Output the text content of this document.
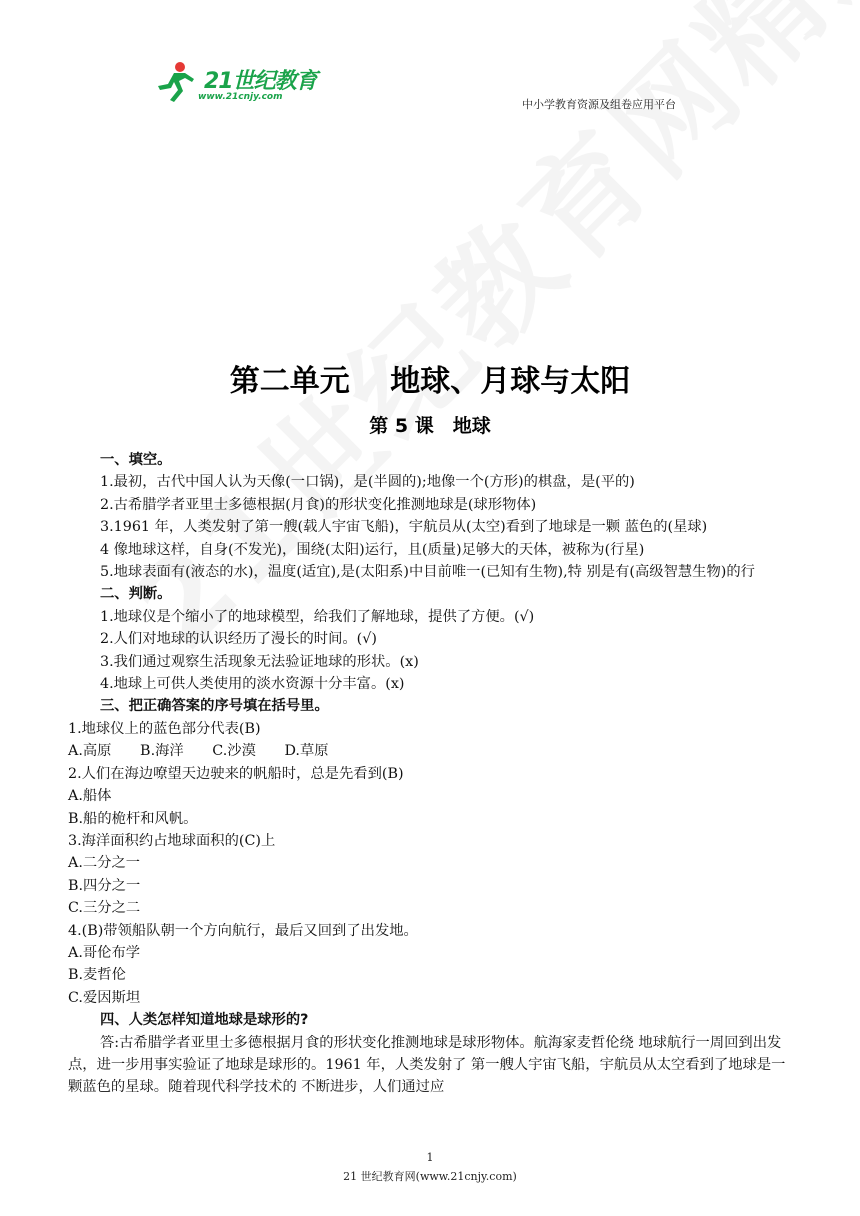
21世纪教育
www.21cnjy.com
中小学教育资源及组卷应用平台
第二单元　 地球、月球与太阳
第 5 课　地球

一、填空。

1.最初，古代中国人认为天像(一口锅)，是(半圆的);地像一个(方形)的棋盘，是(平的)

2.古希腊学者亚里士多德根据(月食)的形状变化推测地球是(球形物体)

3.1961 年，人类发射了第一艘(载人宇宙飞船)，宇航员从(太空)看到了地球是一颗 蓝色的(星球)

4 像地球这样，自身(不发光)，围绕(太阳)运行，且(质量)足够大的天体，被称为(行星)

5.地球表面有(液态的水)，温度(适宜),是(太阳系)中目前唯一(已知有生物),特 别是有(高级智慧生物)的行

二、判断。

1.地球仪是个缩小了的地球模型，给我们了解地球，提供了方便。(√)

2.人们对地球的认识经历了漫长的时间。(√)

3.我们通过观察生活现象无法验证地球的形状。(x)

4.地球上可供人类使用的淡水资源十分丰富。(x)

三、把正确答案的序号填在括号里。

1.地球仪上的蓝色部分代表(B)

A.高原　　B.海洋　　C.沙漠　　D.草原

2.人们在海边嘹望天边驶来的帆船时，总是先看到(B)

A.船体

B.船的桅杆和风帆。

3.海洋面积约占地球面积的(C)上

A.二分之一

B.四分之一

C.三分之二

4.(B)带领船队朝一个方向航行，最后又回到了出发地。

A.哥伦布学

B.麦哲伦

C.爱因斯坦

四、人类怎样知道地球是球形的?

答:古希腊学者亚里士多德根据月食的形状变化推测地球是球形物体。航海家麦哲伦绕 地球航行一周回到出发点，进一步用事实验证了地球是球形的。1961 年，人类发射了 第一艘人宇宙飞船，宇航员从太空看到了地球是一颗蓝色的星球。随着现代科学技术的 不断进步，人们通过应

1
21 世纪教育网(www.21cnjy.com)
